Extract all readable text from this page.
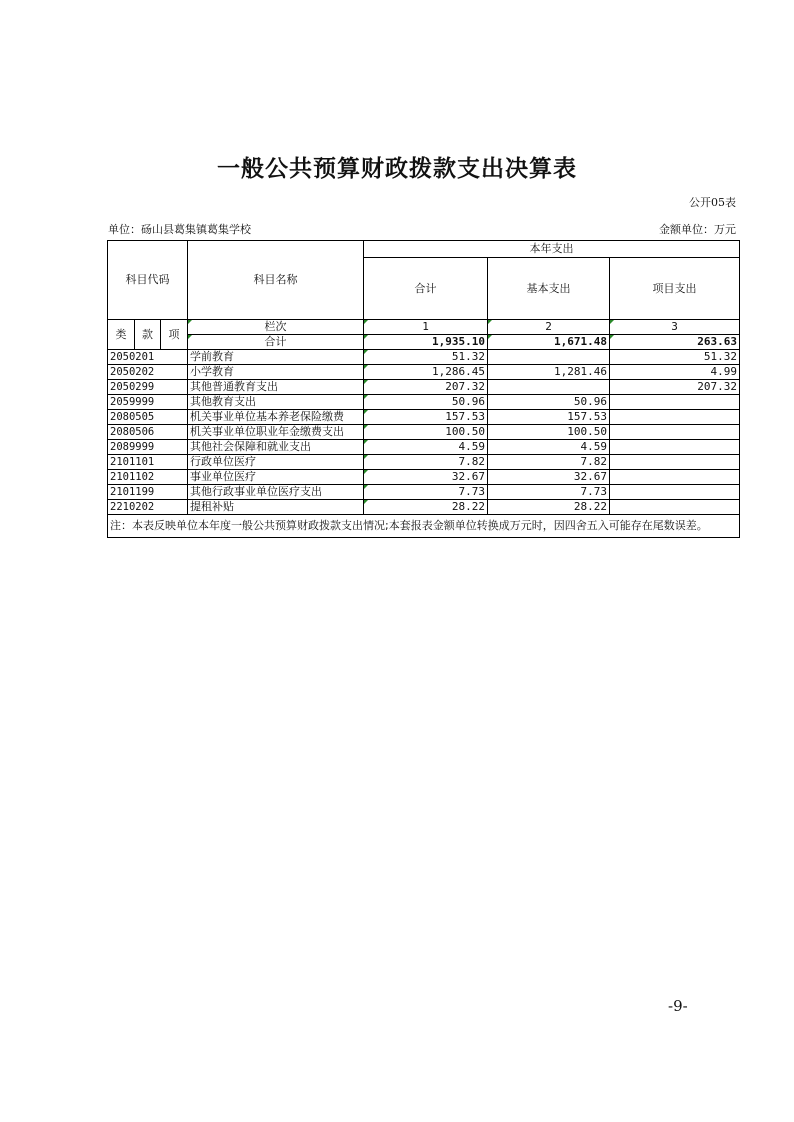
一般公共预算财政拨款支出决算表
公开05表
单位：砀山县葛集镇葛集学校	金额单位：万元
科目代码			科目名称	本年支出		
				合计	基本支出	项目支出
类	款	项	栏次	1	2	3
			合计	1,935.10	1,671.48	263.63
2050201			学前教育	51.32		51.32
2050202			小学教育	1,286.45	1,281.46	4.99
2050299			其他普通教育支出	207.32		207.32
2059999			其他教育支出	50.96	50.96	
2080505			机关事业单位基本养老保险缴费	157.53	157.53	
2080506			机关事业单位职业年金缴费支出	100.50	100.50	
2089999			其他社会保障和就业支出	4.59	4.59	
2101101			行政单位医疗	7.82	7.82	
2101102			事业单位医疗	32.67	32.67	
2101199			其他行政事业单位医疗支出	7.73	7.73	
2210202			提租补贴	28.22	28.22	
注：本表反映单位本年度一般公共预算财政拨款支出情况;本套报表金额单位转换成万元时，因四舍五入可能存在尾数误差。						
-9-
